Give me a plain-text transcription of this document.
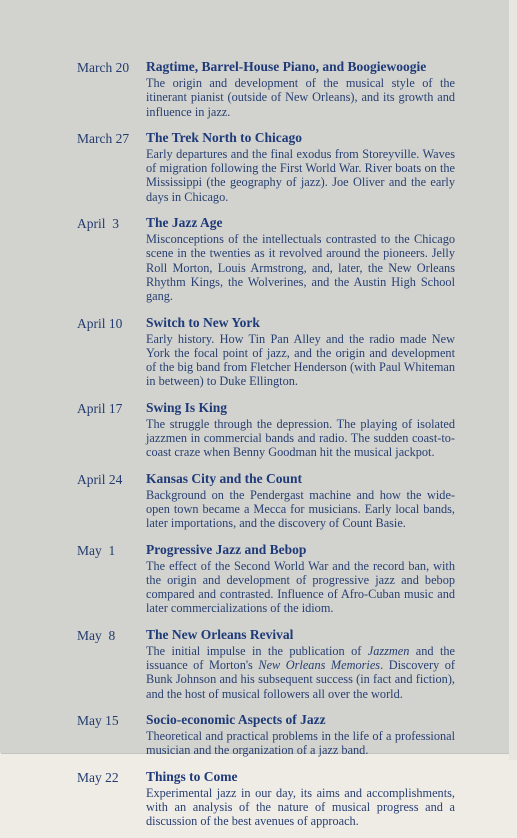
March 20	Ragtime, Barrel-House Piano, and Boogiewoogie

The origin and development of the musical style of the itinerant pianist (outside of New Orleans), and its growth and influence in jazz.

March 27	The Trek North to Chicago

Early departures and the final exodus from Storeyville. Waves of migration following the First World War. River boats on the Mississippi (the geography of jazz). Joe Oliver and the early days in Chicago.

April  3	The Jazz Age

Misconceptions of the intellectuals contrasted to the Chicago scene in the twenties as it revolved around the pioneers. Jelly Roll Morton, Louis Armstrong, and, later, the New Orleans Rhythm Kings, the Wolverines, and the Austin High School gang.

April 10	Switch to New York

Early history. How Tin Pan Alley and the radio made New York the focal point of jazz, and the origin and development of the big band from Fletcher Henderson (with Paul Whiteman in between) to Duke Ellington.

April 17	Swing Is King

The struggle through the depression. The playing of isolated jazzmen in commercial bands and radio. The sudden coast-to-coast craze when Benny Goodman hit the musical jackpot.

April 24	Kansas City and the Count

Background on the Pendergast machine and how the wide-open town became a Mecca for musicians. Early local bands, later importations, and the discovery of Count Basie.

May  1	Progressive Jazz and Bebop

The effect of the Second World War and the record ban, with the origin and development of progressive jazz and bebop compared and contrasted. Influence of Afro-Cuban music and later commercializations of the idiom.

May  8	The New Orleans Revival

The initial impulse in the publication of Jazzmen and the issuance of Morton's New Orleans Memories. Discovery of Bunk Johnson and his subsequent success (in fact and fiction), and the host of musical followers all over the world.

May 15	Socio-economic Aspects of Jazz

Theoretical and practical problems in the life of a professional musician and the organization of a jazz band.

May 22	Things to Come

Experimental jazz in our day, its aims and accomplishments, with an analysis of the nature of musical progress and a discussion of the best avenues of approach.
